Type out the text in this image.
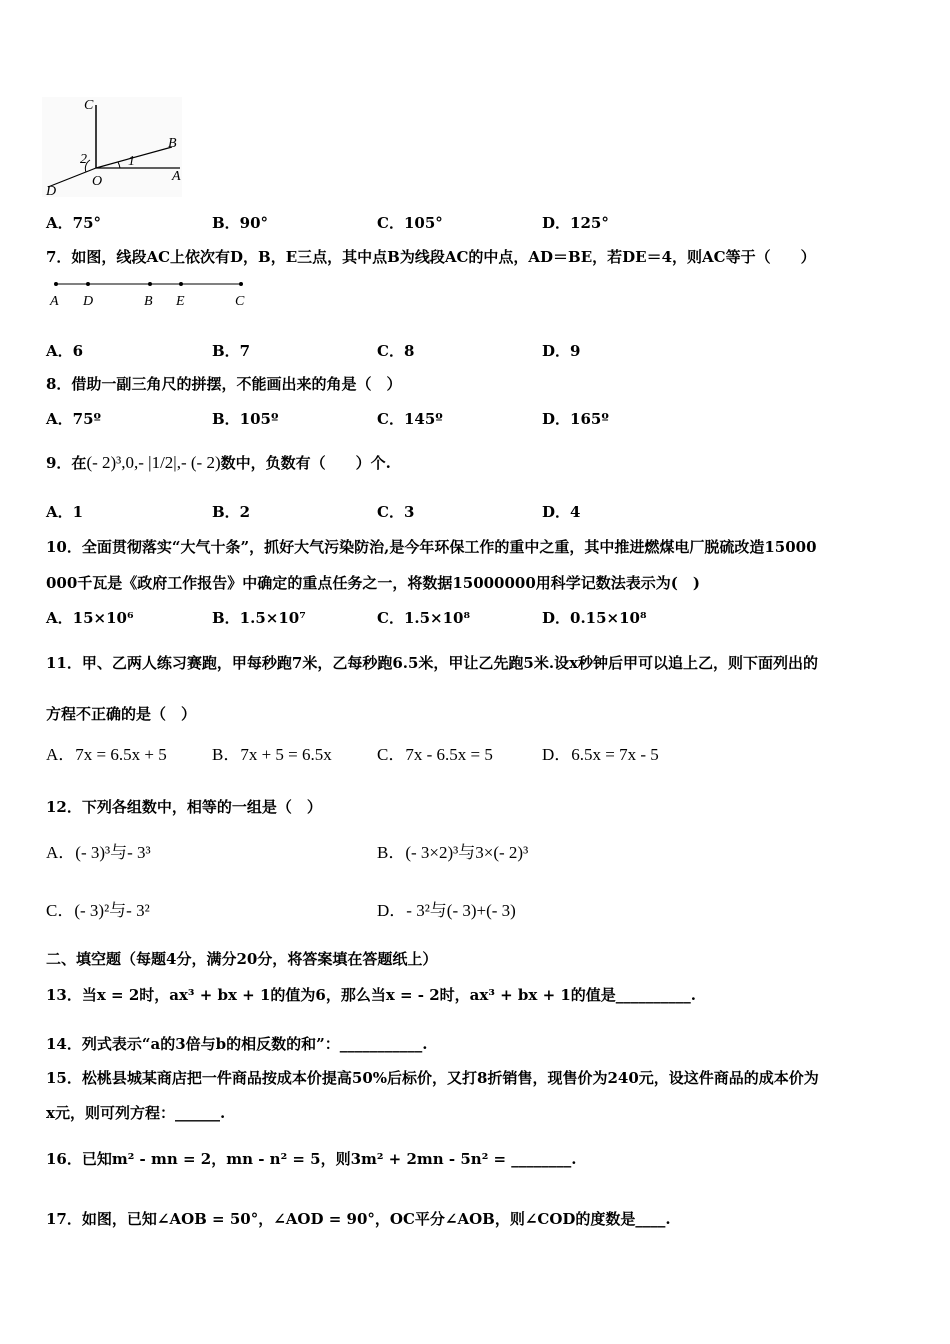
C
B
A
D
O
1
2
A．75°	B．90°	C．105°	D．125°
7．如图，线段AC上依次有D，B，E三点，其中点B为线段AC的中点，AD＝BE，若DE＝4，则AC等于（　　）
A D	B E	C
A．6	B．7	C．8	D．9
8．借助一副三角尺的拼摆，不能画出来的角是（　）
A．75º	B．105º	C．145º	D．165º
9．在(- 2)³,0,- |1/2|,- (- 2)数中，负数有（　　）个.
A．1	B．2	C．3	D．4
10．全面贯彻落实“大气十条”，抓好大气污染防治,是今年环保工作的重中之重，其中推进燃煤电厂脱硫改造15000
000千瓦是《政府工作报告》中确定的重点任务之一，将数据15000000用科学记数法表示为(　)
A．15×10⁶	B．1.5×10⁷	C．1.5×10⁸	D．0.15×10⁸
11．甲、乙两人练习赛跑，甲每秒跑7米，乙每秒跑6.5米，甲让乙先跑5米.设x秒钟后甲可以追上乙，则下面列出的
方程不正确的是（　）
A．7x = 6.5x + 5	B．7x + 5 = 6.5x	C．7x - 6.5x = 5	D．6.5x = 7x - 5
12．下列各组数中，相等的一组是（　）
A．(- 3)³与- 3³	B．(- 3×2)³与3×(- 2)³
C．(- 3)²与- 3²	D．- 3²与(- 3)+(- 3)
二、填空题（每题4分，满分20分，将答案填在答题纸上）
13．当x = 2时，ax³ + bx + 1的值为6，那么当x = - 2时，ax³ + bx + 1的值是__________.
14．列式表示“a的3倍与b的相反数的和”：___________.
15．松桃县城某商店把一件商品按成本价提高50%后标价，又打8折销售，现售价为240元，设这件商品的成本价为
x元，则可列方程：______.
16．已知m² - mn = 2，mn - n² = 5，则3m² + 2mn - 5n² = ________.
17．如图，已知∠AOB = 50°，∠AOD = 90°，OC平分∠AOB，则∠COD的度数是____.
